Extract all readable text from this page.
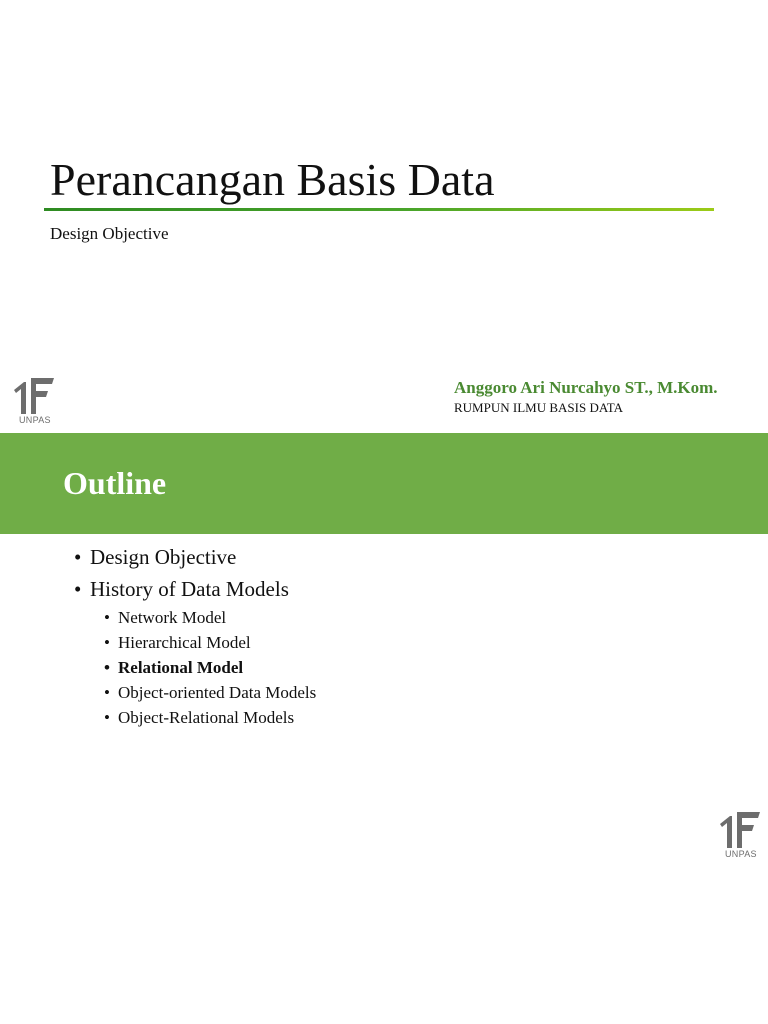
Perancangan Basis Data
Design Objective
UNPAS
Anggoro Ari Nurcahyo ST., M.Kom.
RUMPUN ILMU BASIS DATA
Outline
• Design Objective
• History of Data Models
• Network Model
• Hierarchical Model
• Relational Model
• Object-oriented Data Models
• Object-Relational Models
UNPAS
